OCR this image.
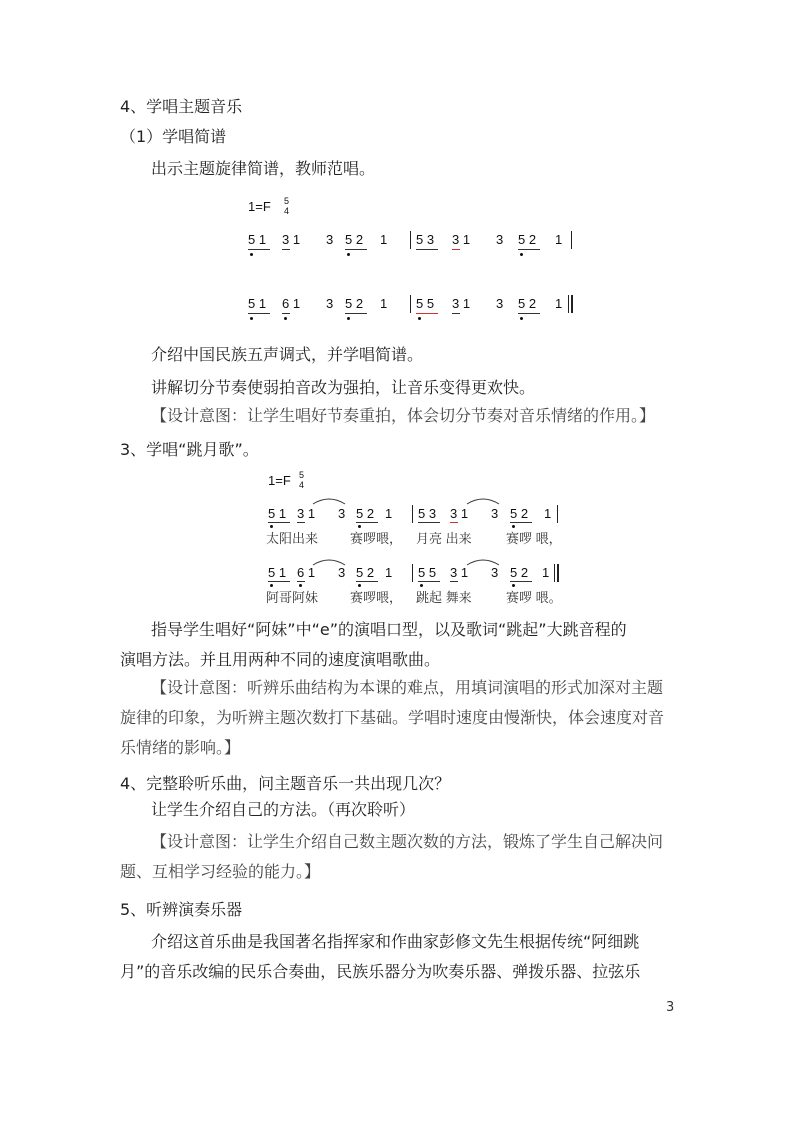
4、学唱主题音乐
（1）学唱简谱
出示主题旋律简谱，教师范唱。
1=F 5
4
5 1 3 1 3 5 2 1 5 3 3 1 3 5 2 1
5 1 6 1 3 5 2 1 5 5 3 1 3 5 2 1
介绍中国民族五声调式，并学唱简谱。
讲解切分节奏使弱拍音改为强拍，让音乐变得更欢快。
【设计意图：让学生唱好节奏重拍，体会切分节奏对音乐情绪的作用。】
3、学唱“跳月歌”。
1=F 5
4
5 1 3 1 3 5 2 1 5 3 3 1 3 5 2 1
太阳出来 赛啰喂， 月亮 出来	赛啰 喂，
5 1 6 1 3 5 2 1 5 5 3 1 3 5 2 1
阿哥阿妹 赛啰喂， 跳起 舞来	赛啰 喂。
指导学生唱好“阿妹”中“e”的演唱口型，以及歌词“跳起”大跳音程的
演唱方法。并且用两种不同的速度演唱歌曲。
【设计意图：听辨乐曲结构为本课的难点，用填词演唱的形式加深对主题
旋律的印象，为听辨主题次数打下基础。学唱时速度由慢渐快，体会速度对音
乐情绪的影响。】
4、完整聆听乐曲，问主题音乐一共出现几次？
让学生介绍自己的方法。（再次聆听）
【设计意图：让学生介绍自己数主题次数的方法，锻炼了学生自己解决问
题、互相学习经验的能力。】
5、听辨演奏乐器
介绍这首乐曲是我国著名指挥家和作曲家彭修文先生根据传统“阿细跳
月”的音乐改编的民乐合奏曲，民族乐器分为吹奏乐器、弹拨乐器、拉弦乐
3
